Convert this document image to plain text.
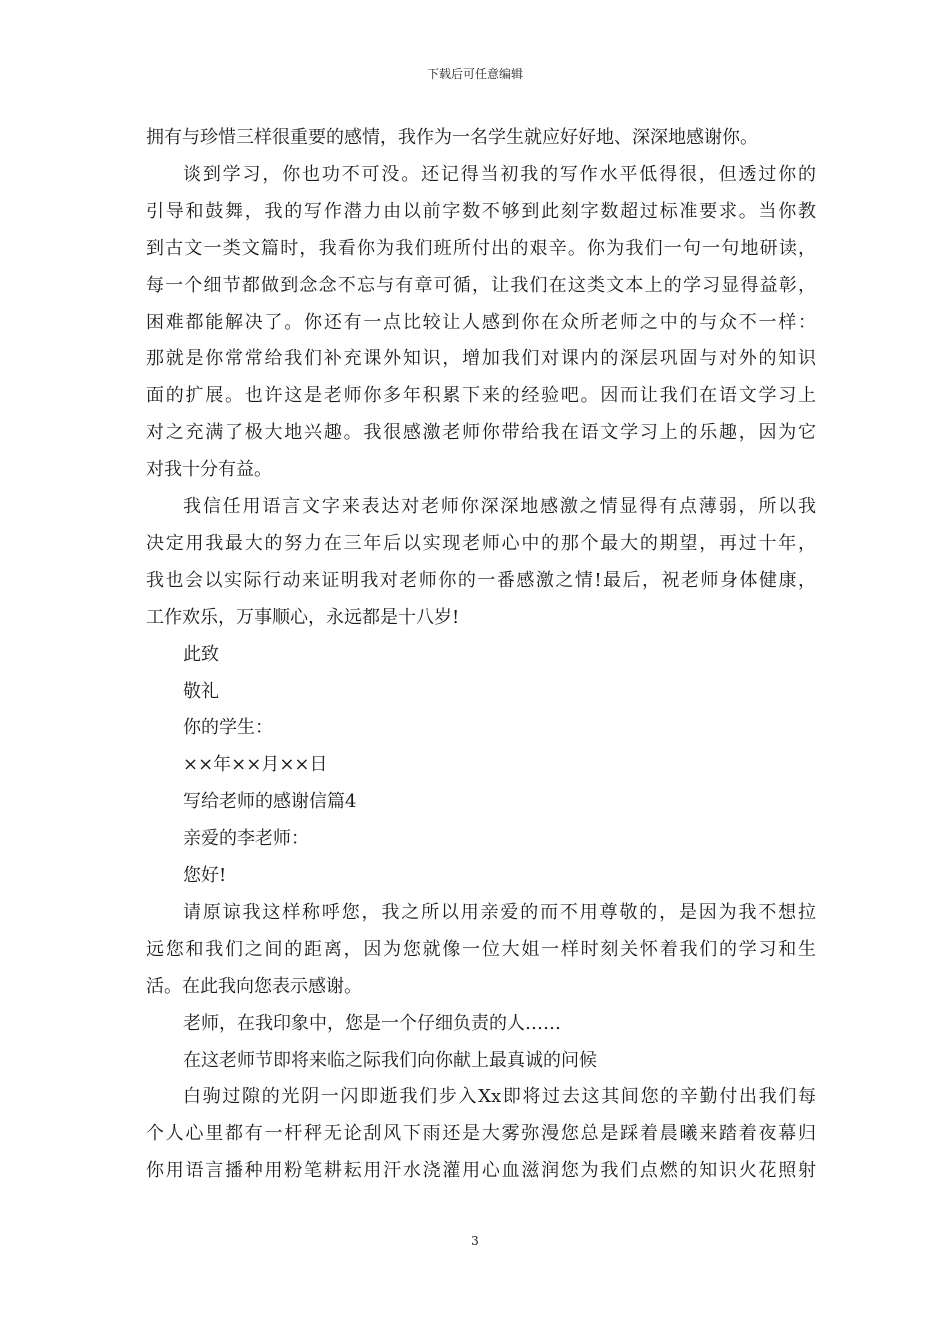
下载后可任意编辑
拥有与珍惜三样很重要的感情，我作为一名学生就应好好地、深深地感谢你。
谈到学习，你也功不可没。还记得当初我的写作水平低得很，但透过你的
引导和鼓舞，我的写作潜力由以前字数不够到此刻字数超过标准要求。当你教
到古文一类文篇时，我看你为我们班所付出的艰辛。你为我们一句一句地研读，
每一个细节都做到念念不忘与有章可循，让我们在这类文本上的学习显得益彰，
困难都能解决了。你还有一点比较让人感到你在众所老师之中的与众不一样：
那就是你常常给我们补充课外知识，增加我们对课内的深层巩固与对外的知识
面的扩展。也许这是老师你多年积累下来的经验吧。因而让我们在语文学习上
对之充满了极大地兴趣。我很感激老师你带给我在语文学习上的乐趣，因为它
对我十分有益。
我信任用语言文字来表达对老师你深深地感激之情显得有点薄弱，所以我
决定用我最大的努力在三年后以实现老师心中的那个最大的期望，再过十年，
我也会以实际行动来证明我对老师你的一番感激之情!最后，祝老师身体健康，
工作欢乐，万事顺心，永远都是十八岁!
此致
敬礼
你的学生：
××年××月××日
写给老师的感谢信篇4
亲爱的李老师：
您好!
请原谅我这样称呼您，我之所以用亲爱的而不用尊敬的，是因为我不想拉
远您和我们之间的距离，因为您就像一位大姐一样时刻关怀着我们的学习和生
活。在此我向您表示感谢。
老师，在我印象中，您是一个仔细负责的人……
在这老师节即将来临之际我们向你献上最真诚的问候
白驹过隙的光阴一闪即逝我们步入Xx即将过去这其间您的辛勤付出我们每
个人心里都有一杆秤无论刮风下雨还是大雾弥漫您总是踩着晨曦来踏着夜幕归
你用语言播种用粉笔耕耘用汗水浇灌用心血滋润您为我们点燃的知识火花照射
3
